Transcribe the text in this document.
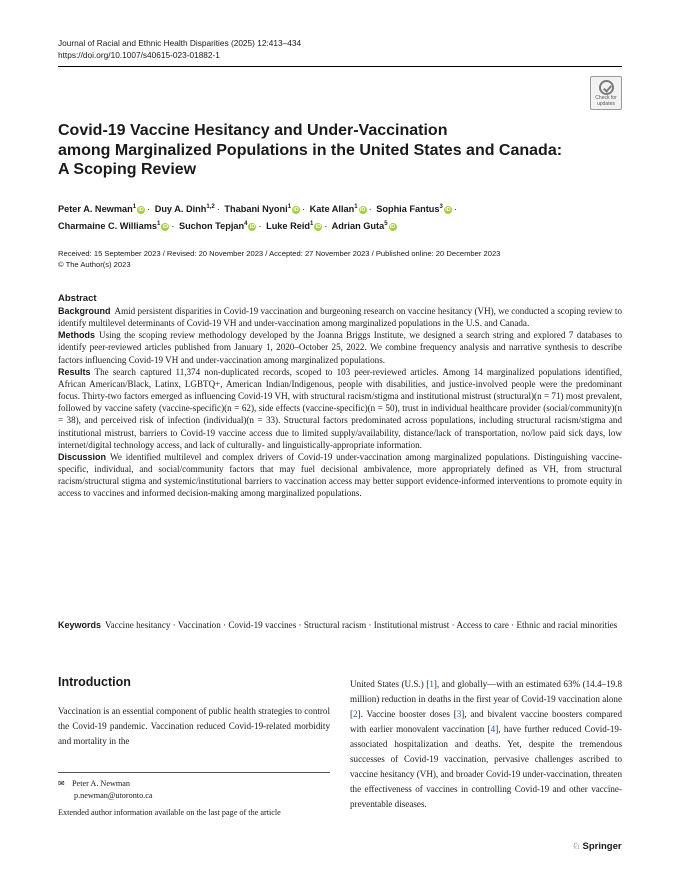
Journal of Racial and Ethnic Health Disparities (2025) 12:413–434
https://doi.org/10.1007/s40615-023-01882-1
Check for
updates
Covid-19 Vaccine Hesitancy and Under-Vaccination
among Marginalized Populations in the United States and Canada:
A Scoping Review
Peter A. Newman$^1$iD · Duy A. Dinh$^{1,2}$ · Thabani Nyoni$^1$iD · Kate Allan$^1$iD · Sophia Fantus$^3$iD ·
Charmaine C. Williams$^1$iD · Suchon Tepjan$^4$iD · Luke Reid$^1$iD · Adrian Guta$^5$iD
Received: 15 September 2023 / Revised: 20 November 2023 / Accepted: 27 November 2023 / Published online: 20 December 2023
© The Author(s) 2023
Abstract

Background Amid persistent disparities in Covid-19 vaccination and burgeoning research on vaccine hesitancy (VH), we conducted a scoping review to identify multilevel determinants of Covid-19 VH and under-vaccination among marginalized populations in the U.S. and Canada.

Methods Using the scoping review methodology developed by the Joanna Briggs Institute, we designed a search string and explored 7 databases to identify peer-reviewed articles published from January 1, 2020–October 25, 2022. We combine frequency analysis and narrative synthesis to describe factors influencing Covid-19 VH and under-vaccination among marginalized populations.

Results The search captured 11,374 non-duplicated records, scoped to 103 peer-reviewed articles. Among 14 marginalized populations identified, African American/Black, Latinx, LGBTQ+, American Indian/Indigenous, people with disabilities, and justice-involved people were the predominant focus. Thirty-two factors emerged as influencing Covid-19 VH, with structural racism/stigma and institutional mistrust (structural)(n = 71) most prevalent, followed by vaccine safety (vaccine-specific)(n = 62), side effects (vaccine-specific)(n = 50), trust in individual healthcare provider (social/community)(n = 38), and perceived risk of infection (individual)(n = 33). Structural factors predominated across populations, including structural racism/stigma and institutional mistrust, barriers to Covid-19 vaccine access due to limited supply/availability, distance/lack of transportation, no/low paid sick days, low internet/digital technology access, and lack of culturally- and linguistically-appropriate information.

Discussion We identified multilevel and complex drivers of Covid-19 under-vaccination among marginalized populations. Distinguishing vaccine-specific, individual, and social/community factors that may fuel decisional ambivalence, more appropriately defined as VH, from structural racism/structural stigma and systemic/institutional barriers to vaccination access may better support evidence-informed interventions to promote equity in access to vaccines and informed decision-making among marginalized populations.

Keywords Vaccine hesitancy · Vaccination · Covid-19 vaccines · Structural racism · Institutional mistrust · Access to care · Ethnic and racial minorities
Introduction

Vaccination is an essential component of public health strategies to control the Covid-19 pandemic. Vaccination reduced Covid-19-related morbidity and mortality in the

United States (U.S.) [1], and globally—with an estimated 63% (14.4–19.8 million) reduction in deaths in the first year of Covid-19 vaccination alone [2]. Vaccine booster doses [3], and bivalent vaccine boosters compared with earlier monovalent vaccination [4], have further reduced Covid-19-associated hospitalization and deaths. Yet, despite the tremendous successes of Covid-19 vaccination, pervasive challenges ascribed to vaccine hesitancy (VH), and broader Covid-19 under-vaccination, threaten the effectiveness of vaccines in controlling Covid-19 and other vaccine-preventable diseases.

✉ Peter A. Newman
p.newman@utoronto.ca
Extended author information available on the last page of the article
♘ Springer
